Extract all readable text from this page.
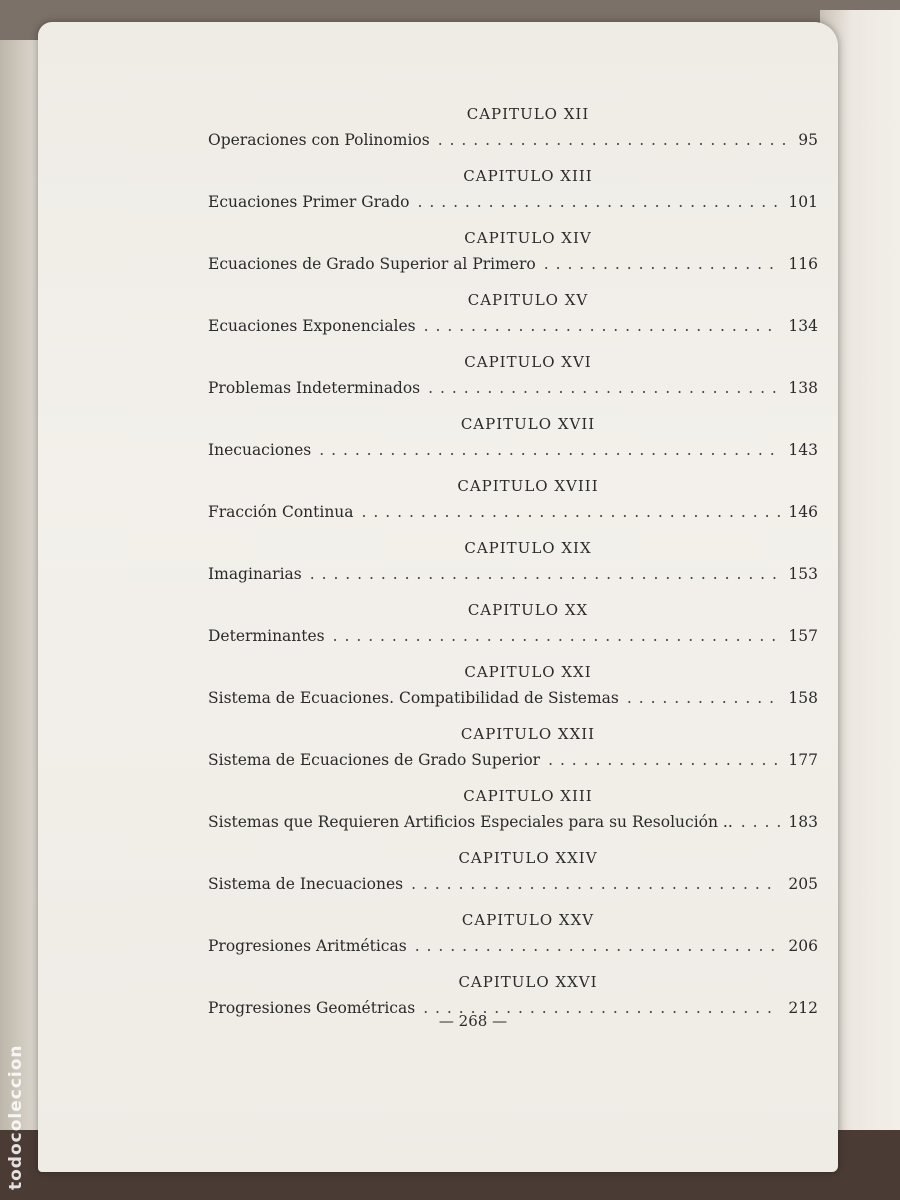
CAPITULO XII
Operaciones con Polinomios . . .	95
CAPITULO XIII
Ecuaciones Primer Grado . . .	101
CAPITULO XIV
Ecuaciones de Grado Superior al Primero . . .	116
CAPITULO XV
Ecuaciones Exponenciales . . .	134
CAPITULO XVI
Problemas Indeterminados . . .	138
CAPITULO XVII
Inecuaciones . . .	143
CAPITULO XVIII
Fracción Continua . . .	146
CAPITULO XIX
Imaginarias . . .	153
CAPITULO XX
Determinantes . . .	157
CAPITULO XXI
Sistema de Ecuaciones. Compatibilidad de Sistemas . . .	158
CAPITULO XXII
Sistema de Ecuaciones de Grado Superior . . .	177
CAPITULO XIII
Sistemas que Requieren Artificios Especiales para su Resolución .. . . .	183
CAPITULO XXIV
Sistema de Inecuaciones . . .	205
CAPITULO XXV
Progresiones Aritméticas . . .	206
CAPITULO XXVI
Progresiones Geométricas . . .	212
— 268 —
todocoleccion
